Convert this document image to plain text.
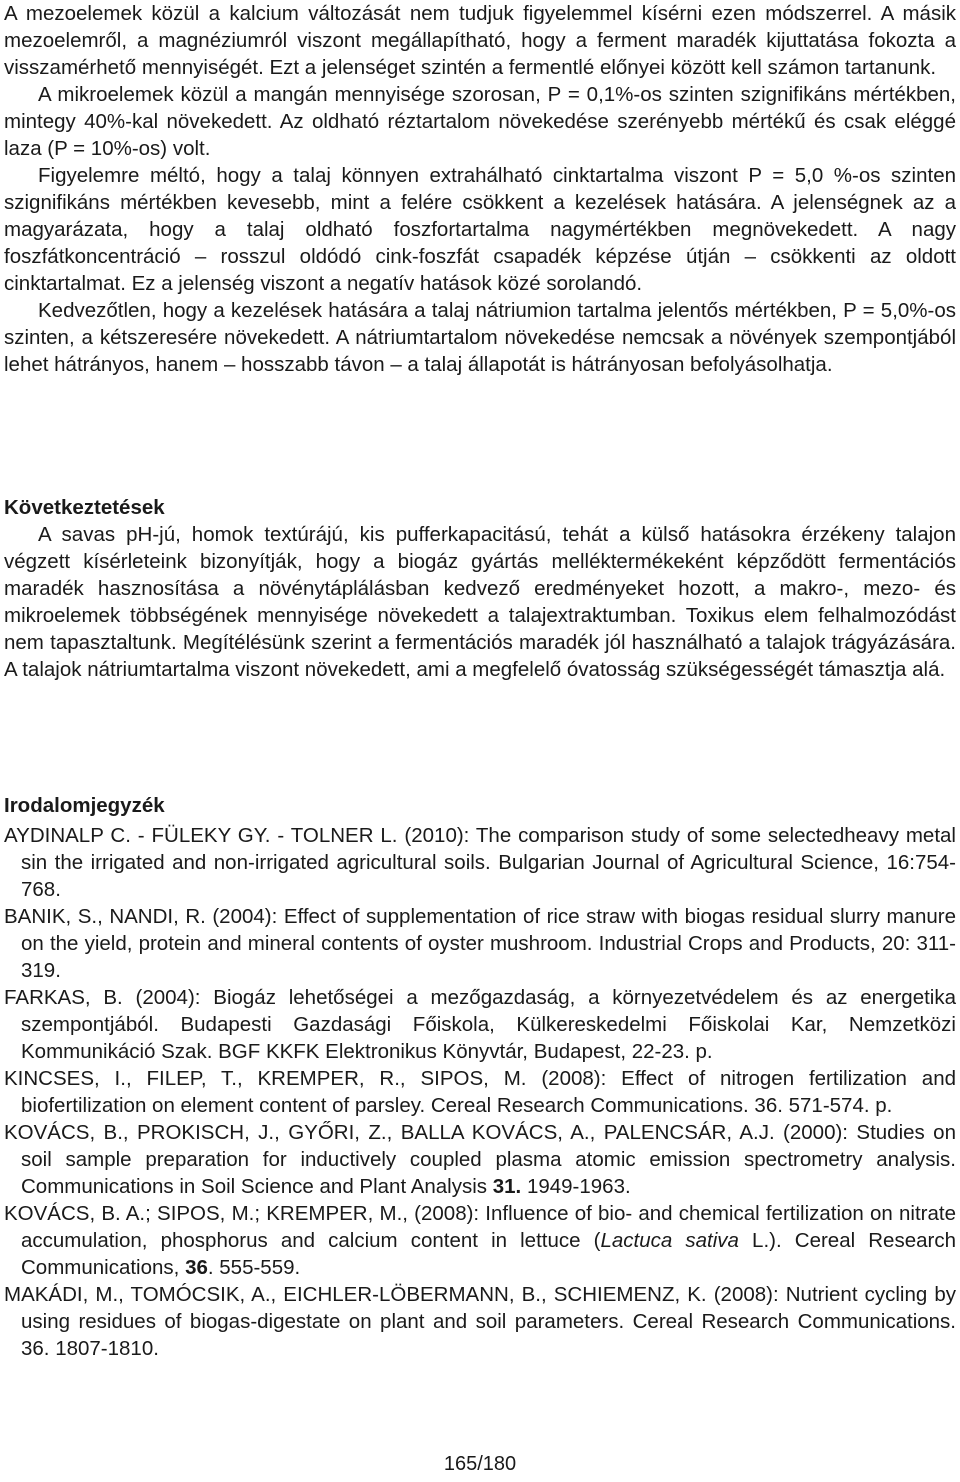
A mezoelemek közül a kalcium változását nem tudjuk figyelemmel kísérni ezen módszerrel. A másik mezoelemről, a magnéziumról viszont megállapítható, hogy a ferment maradék kijuttatása fokozta a visszamérhető mennyiségét. Ezt a jelenséget szintén a fermentlé előnyei között kell számon tartanunk.

A mikroelemek közül a mangán mennyisége szorosan, P = 0,1%-os szinten szignifikáns mértékben, mintegy 40%-kal növekedett. Az oldható réztartalom növekedése szerényebb mértékű és csak eléggé laza (P = 10%-os) volt.

Figyelemre méltó, hogy a talaj könnyen extrahálható cinktartalma viszont P = 5,0 %-os szinten szignifikáns mértékben kevesebb, mint a felére csökkent a kezelések hatására. A jelenségnek az a magyarázata, hogy a talaj oldható foszfortartalma nagymértékben megnövekedett. A nagy foszfátkoncentráció – rosszul oldódó cink-foszfát csapadék képzése útján – csökkenti az oldott cinktartalmat. Ez a jelenség viszont a negatív hatások közé sorolandó.

Kedvezőtlen, hogy a kezelések hatására a talaj nátriumion tartalma jelentős mértékben, P = 5,0%-os szinten, a kétszeresére növekedett. A nátriumtartalom növekedése nemcsak a növények szempontjából lehet hátrányos, hanem – hosszabb távon – a talaj állapotát is hátrányosan befolyásolhatja.

Következtetések

A savas pH-jú, homok textúrájú, kis pufferkapacitású, tehát a külső hatásokra érzékeny talajon végzett kísérleteink bizonyítják, hogy a biogáz gyártás melléktermékeként képződött fermentációs maradék hasznosítása a növénytáplálásban kedvező eredményeket hozott, a makro-, mezo- és mikroelemek többségének mennyisége növekedett a talajextraktumban. Toxikus elem felhalmozódást nem tapasztaltunk. Megítélésünk szerint a fermentációs maradék jól használható a talajok trágyázására. A talajok nátriumtartalma viszont növekedett, ami a megfelelő óvatosság szükségességét támasztja alá.

Irodalomjegyzék

AYDINALP C. - FÜLEKY GY. - TOLNER L. (2010): The comparison study of some selectedheavy metal sin the irrigated and non-irrigated agricultural soils. Bulgarian Journal of Agricultural Science, 16:754-768.

BANIK, S., NANDI, R. (2004): Effect of supplementation of rice straw with biogas residual slurry manure on the yield, protein and mineral contents of oyster mushroom. Industrial Crops and Products, 20: 311-319.

FARKAS, B. (2004): Biogáz lehetőségei a mezőgazdaság, a környezetvédelem és az energetika szempontjából. Budapesti Gazdasági Főiskola, Külkereskedelmi Főiskolai Kar, Nemzetközi Kommunikáció Szak. BGF KKFK Elektronikus Könyvtár, Budapest, 22-23. p.

KINCSES, I., FILEP, T., KREMPER, R., SIPOS, M. (2008): Effect of nitrogen fertilization and biofertilization on element content of parsley. Cereal Research Communications. 36. 571-574. p.

KOVÁCS, B., PROKISCH, J., GYŐRI, Z., BALLA KOVÁCS, A., PALENCSÁR, A.J. (2000): Studies on soil sample preparation for inductively coupled plasma atomic emission spectrometry analysis. Communications in Soil Science and Plant Analysis 31. 1949-1963.

KOVÁCS, B. A.; SIPOS, M.; KREMPER, M., (2008): Influence of bio- and chemical fertilization on nitrate accumulation, phosphorus and calcium content in lettuce (Lactuca sativa L.). Cereal Research Communications, 36. 555-559.

MAKÁDI, M., TOMÓCSIK, A., EICHLER-LÖBERMANN, B., SCHIEMENZ, K. (2008): Nutrient cycling by using residues of biogas-digestate on plant and soil parameters. Cereal Research Communications. 36. 1807-1810.

165/180
